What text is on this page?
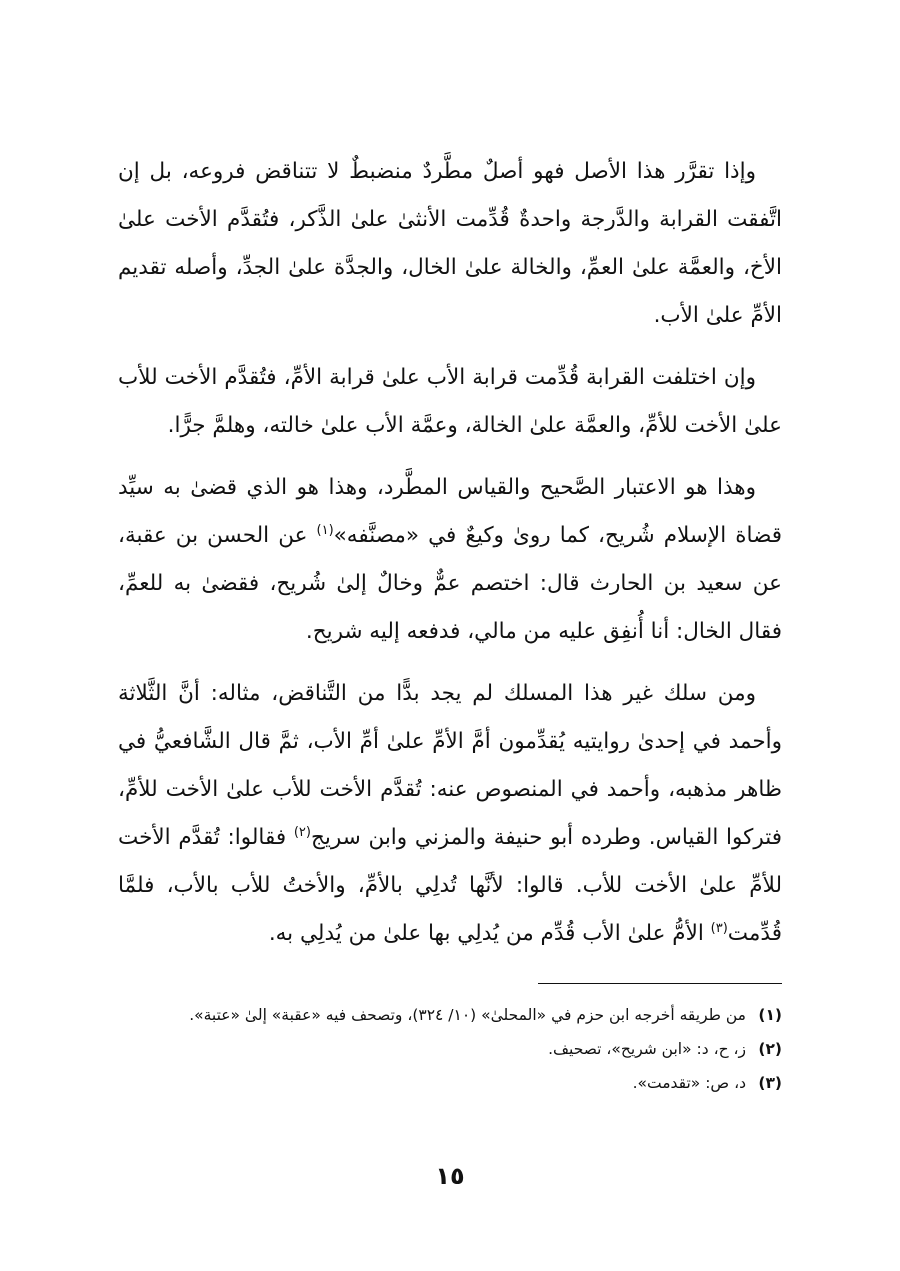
وإذا تقرَّر هذا الأصل فهو أصلٌ مطَّردٌ منضبطٌ لا تتناقض فروعه، بل إن اتَّفقت القرابة والدَّرجة واحدةٌ قُدِّمت الأنثىٰ علىٰ الذَّكر، فتُقدَّم الأخت علىٰ الأخ، والعمَّة علىٰ العمِّ، والخالة علىٰ الخال، والجدَّة علىٰ الجدِّ، وأصله تقديم الأمِّ علىٰ الأب.

وإن اختلفت القرابة قُدِّمت قرابة الأب علىٰ قرابة الأمِّ، فتُقدَّم الأخت للأب علىٰ الأخت للأمِّ، والعمَّة علىٰ الخالة، وعمَّة الأب علىٰ خالته، وهلمَّ جرًّا.

وهذا هو الاعتبار الصَّحيح والقياس المطَّرد، وهذا هو الذي قضىٰ به سيِّد قضاة الإسلام شُريح، كما روىٰ وكيعٌ في «مصنَّفه»$^{(١)}$ عن الحسن بن عقبة، عن سعيد بن الحارث قال: اختصم عمٌّ وخالٌ إلىٰ شُريح، فقضىٰ به للعمِّ، فقال الخال: أنا أُنفِق عليه من مالي، فدفعه إليه شريح.

ومن سلك غير هذا المسلك لم يجد بدًّا من التَّناقض، مثاله: أنَّ الثَّلاثة وأحمد في إحدىٰ روايتيه يُقدِّمون أمَّ الأمِّ علىٰ أمِّ الأب، ثمَّ قال الشَّافعيُّ في ظاهر مذهبه، وأحمد في المنصوص عنه: تُقدَّم الأخت للأب علىٰ الأخت للأمِّ، فتركوا القياس. وطرده أبو حنيفة والمزني وابن سريج$^{(٢)}$ فقالوا: تُقدَّم الأخت للأمِّ علىٰ الأخت للأب. قالوا: لأنَّها تُدلِي بالأمِّ، والأختُ للأب بالأب، فلمَّا قُدِّمت$^{(٣)}$ الأمُّ علىٰ الأب قُدِّم من يُدلِي بها علىٰ من يُدلِي به.

(١)
من طريقه أخرجه ابن حزم في «المحلىٰ» (١٠/ ٣٢٤)، وتصحف فيه «عقبة» إلىٰ «عتبة».
(٢)
ز، ح، د: «ابن شريح»، تصحيف.
(٣)
د، ص: «تقدمت».
١٥
